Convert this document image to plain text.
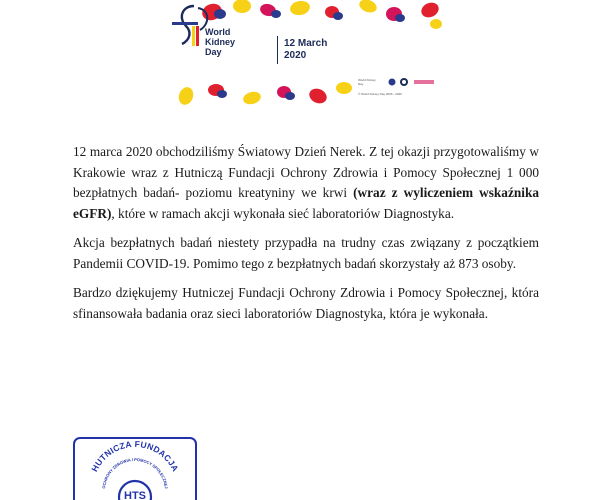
World
Kidney
Day
12 March
2020
World Kidney
Day
© World Kidney Day 2006 - 2020

12 marca 2020 obchodziliśmy Światowy Dzień Nerek. Z tej okazji przygotowaliśmy w Krakowie wraz z Hutniczą Fundacji Ochrony Zdrowia i Pomocy Społecznej 1 000 bezpłatnych badań- poziomu kreatyniny we krwi (wraz z wyliczeniem wskaźnika eGFR), które w ramach akcji wykonała sieć laboratoriów Diagnostyka.

Akcja bezpłatnych badań niestety przypadła na trudny czas związany z początkiem Pandemii COVID-19. Pomimo tego z bezpłatnych badań skorzystały aż 873 osoby.

Bardzo dziękujemy Hutniczej Fundacji Ochrony Zdrowia i Pomocy Społecznej, która sfinansowała badania oraz sieci laboratoriów Diagnostyka, która je wykonała.

HUTNICZA FUNDACJA
OCHRONY ZDROWIA I POMOCY SPOŁECZNEJ
HTS
